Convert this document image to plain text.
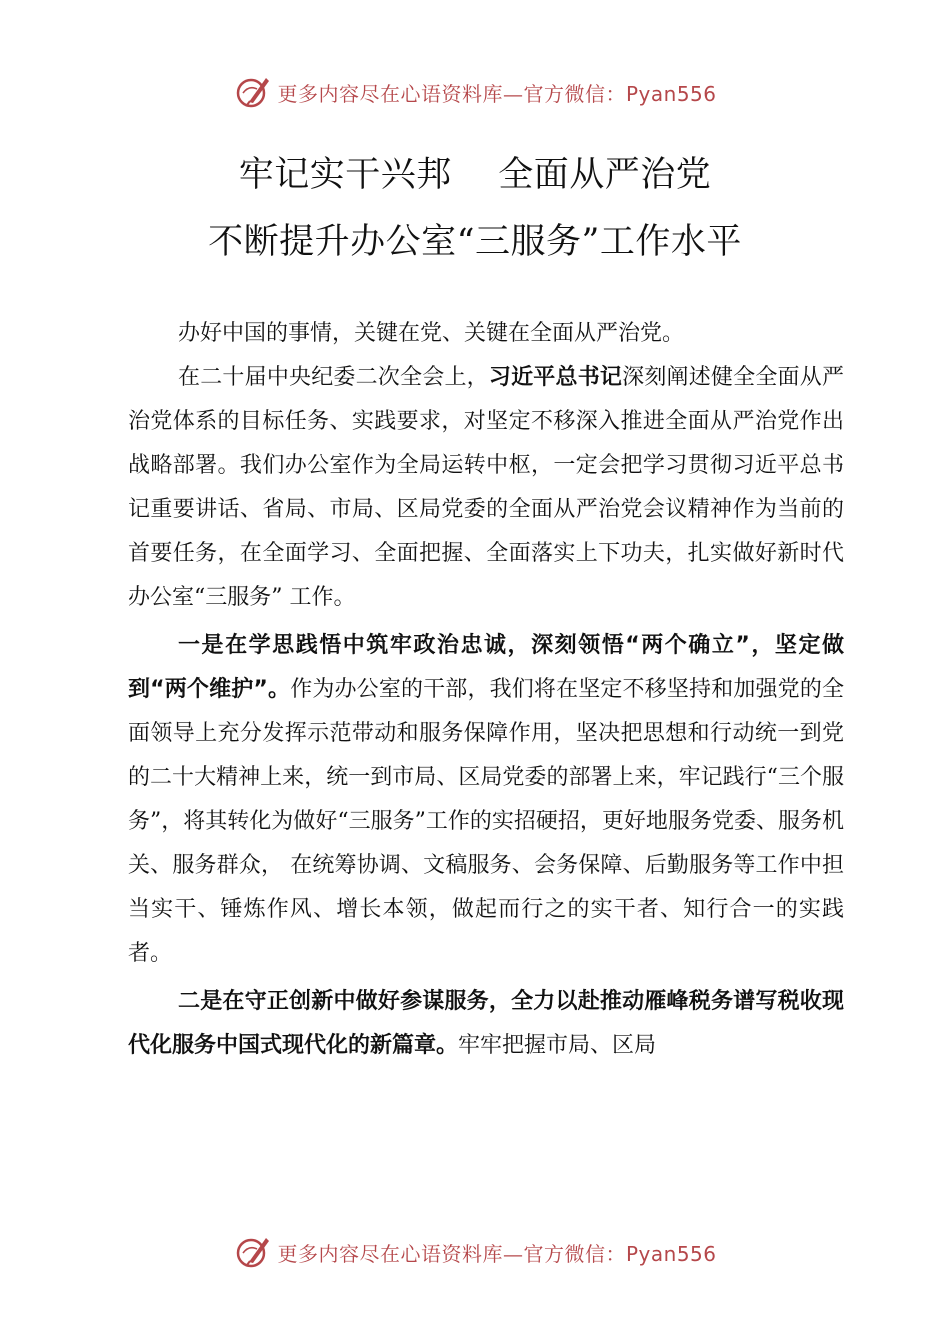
更多内容尽在心语资料库—官方微信：Pyan556
牢记实干兴邦    全面从严治党
不断提升办公室“三服务”工作水平

办好中国的事情，关键在党、关键在全面从严治党。

在二十届中央纪委二次全会上，习近平总书记深刻阐述健全全面从严治党体系的目标任务、实践要求，对坚定不移深入推进全面从严治党作出战略部署。我们办公室作为全局运转中枢，一定会把学习贯彻习近平总书记重要讲话、省局、市局、区局党委的全面从严治党会议精神作为当前的首要任务，在全面学习、全面把握、全面落实上下功夫，扎实做好新时代办公室“三服务” 工作。

一是在学思践悟中筑牢政治忠诚，深刻领悟“两个确立”，坚定做到“两个维护”。作为办公室的干部，我们将在坚定不移坚持和加强党的全面领导上充分发挥示范带动和服务保障作用，坚决把思想和行动统一到党的二十大精神上来，统一到市局、区局党委的部署上来，牢记践行“三个服务”，将其转化为做好“三服务”工作的实招硬招，更好地服务党委、服务机关、服务群众， 在统筹协调、文稿服务、会务保障、后勤服务等工作中担当实干、锤炼作风、增长本领，做起而行之的实干者、知行合一的实践者。

二是在守正创新中做好参谋服务，全力以赴推动雁峰税务谱写税收现代化服务中国式现代化的新篇章。牢牢把握市局、区局

更多内容尽在心语资料库—官方微信：Pyan556
